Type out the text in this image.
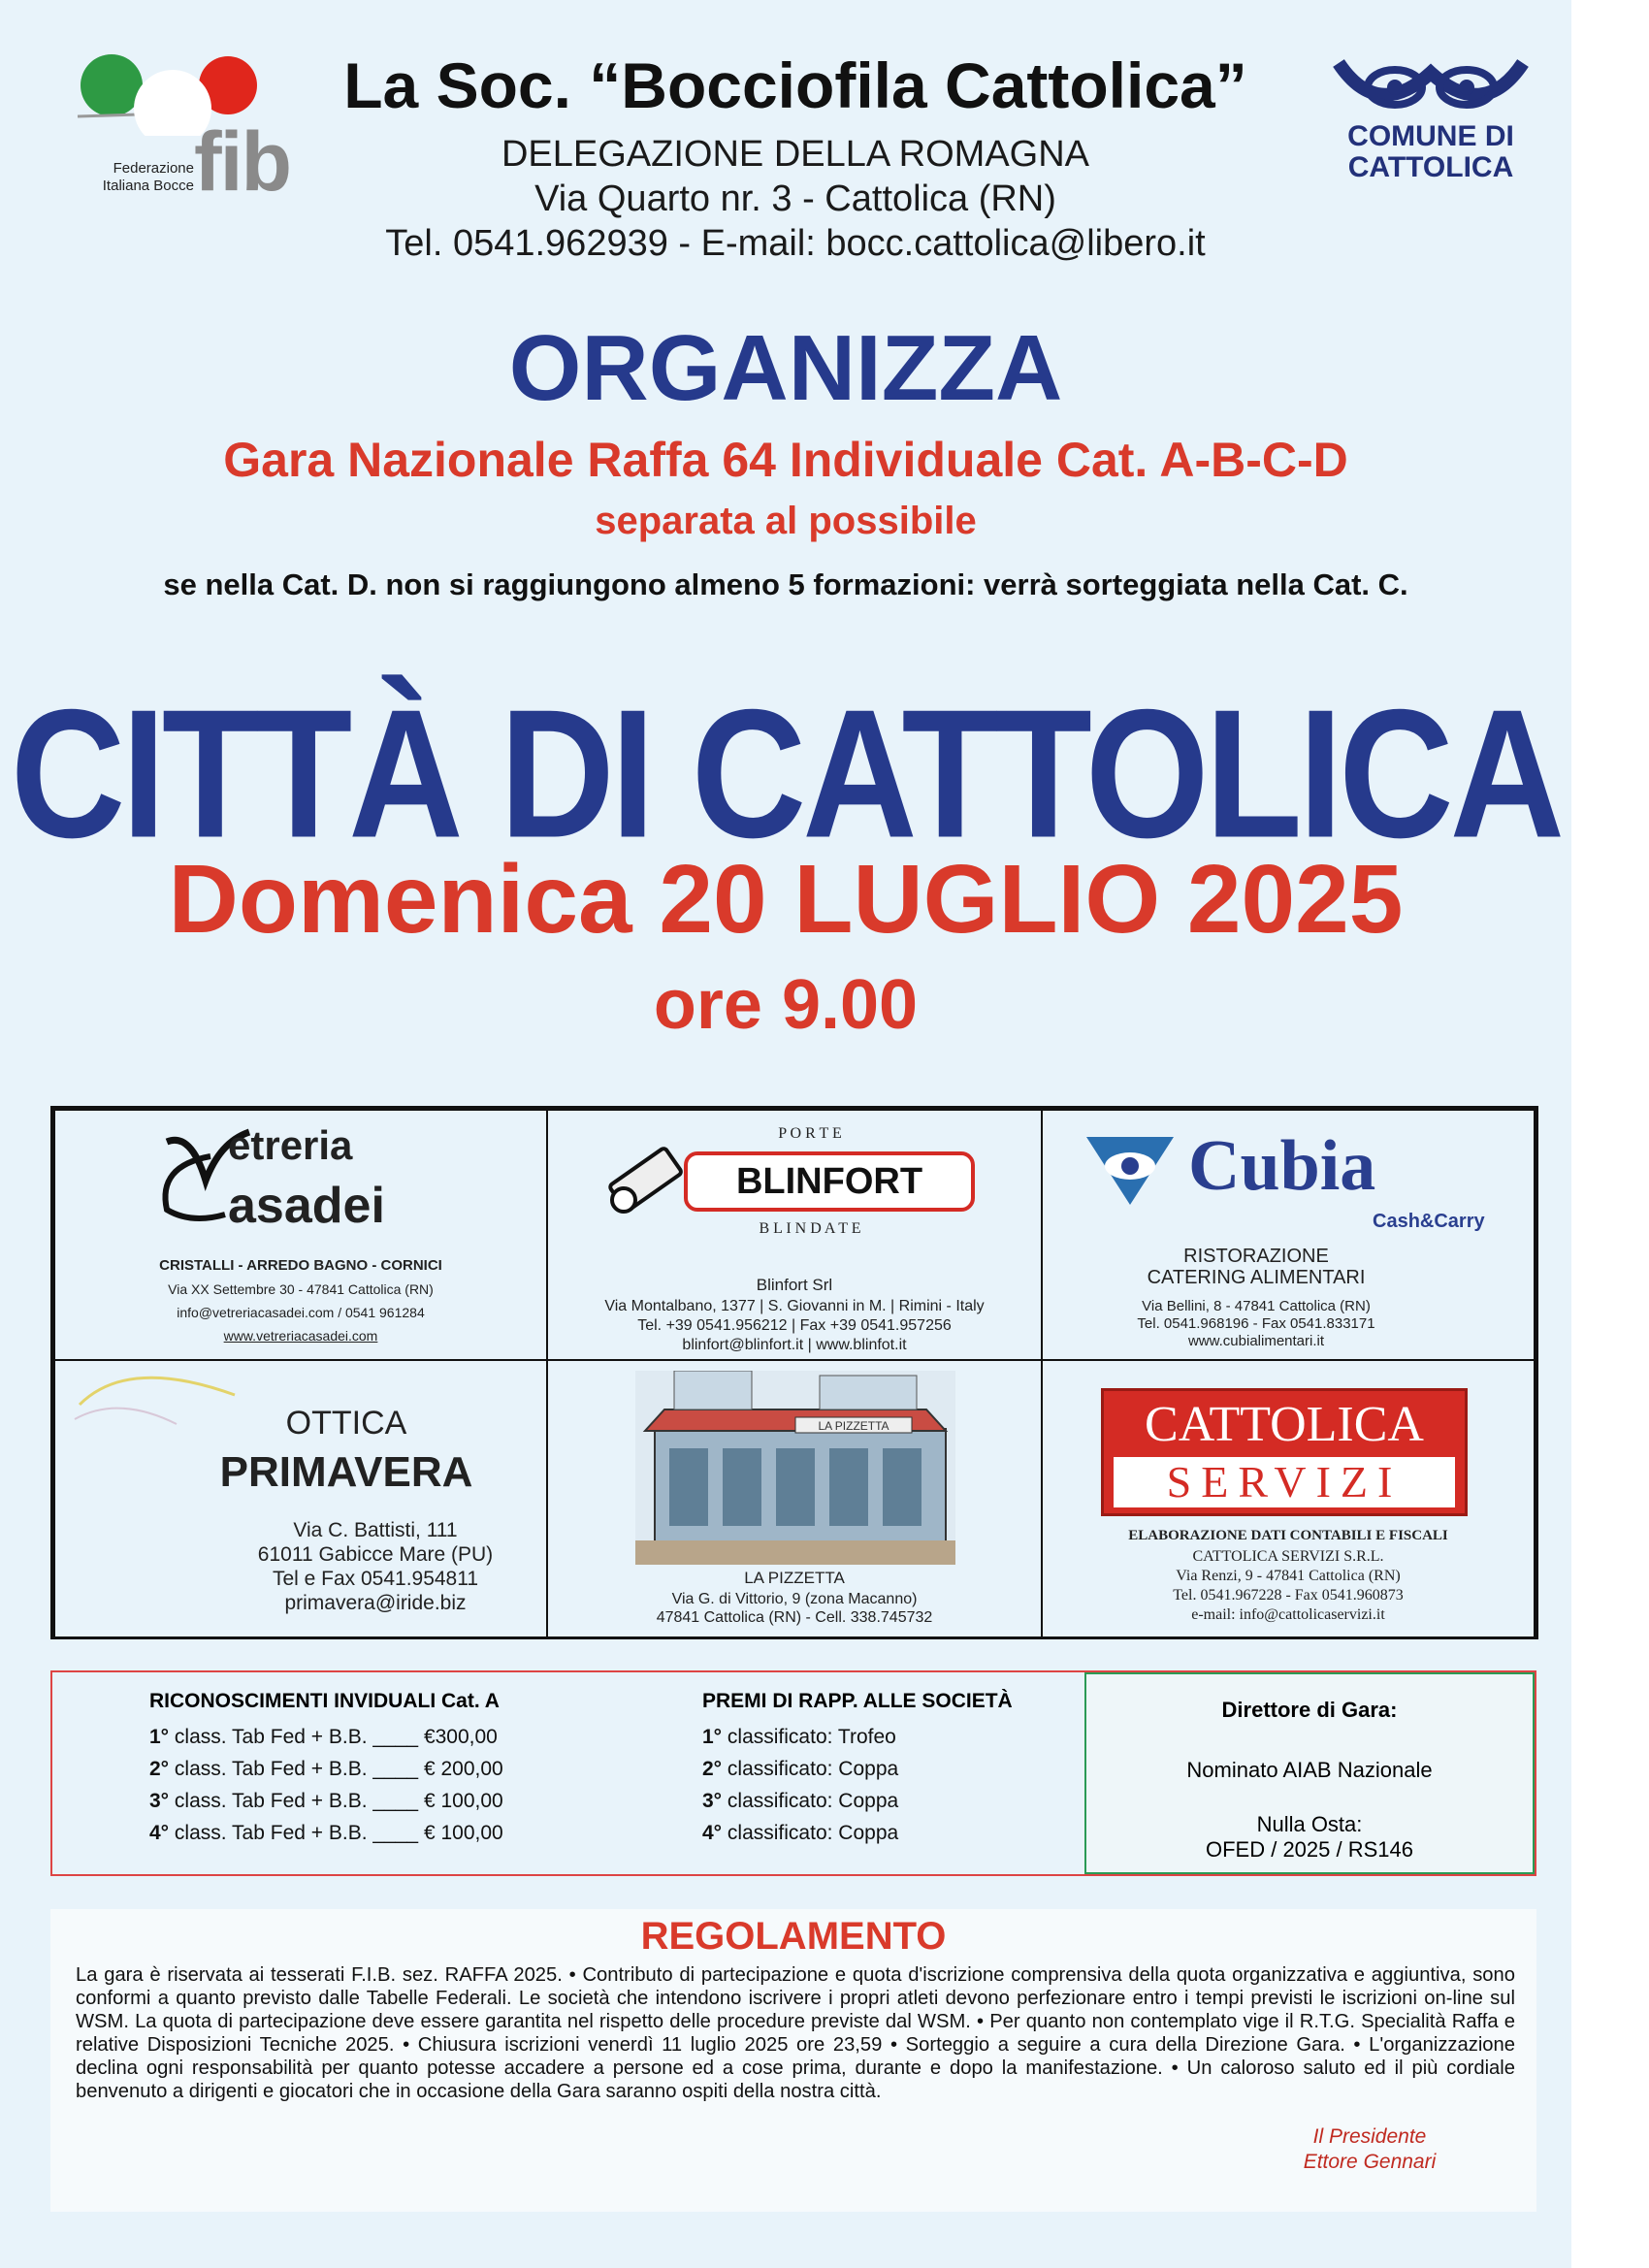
Federazione
Italiana Bocce fib
La Soc. “Bocciofila Cattolica”
DELEGAZIONE DELLA ROMAGNA
Via Quarto nr. 3 - Cattolica (RN)
Tel. 0541.962939 - E-mail: bocc.cattolica@libero.it
COMUNE DI
CATTOLICA
ORGANIZZA
Gara Nazionale Raffa 64 Individuale Cat. A-B-C-D
separata al possibile
se nella Cat. D. non si raggiungono almeno 5 formazioni: verrà sorteggiata nella Cat. C.
CITTÀ DI CATTOLICA
Domenica 20 LUGLIO 2025
ore 9.00
etreria
asadei
CRISTALLI - ARREDO BAGNO - CORNICI
Via XX Settembre 30 - 47841 Cattolica (RN)
info@vetreriacasadei.com / 0541 961284
www.vetreriacasadei.com
P O R T E
BLINFORT
B L I N D A T E
Blinfort Srl
Via Montalbano, 1377 | S. Giovanni in M. | Rimini - Italy
Tel. +39 0541.956212 | Fax +39 0541.957256
blinfort@blinfort.it | www.blinfot.it
Cubia
Cash&Carry
RISTORAZIONE
CATERING ALIMENTARI
Via Bellini, 8 - 47841 Cattolica (RN)
Tel. 0541.968196 - Fax 0541.833171
www.cubialimentari.it
OTTICA
PRIMAVERA
Via C. Battisti, 111
61011 Gabicce Mare (PU)
Tel e Fax 0541.954811
primavera@iride.biz
LA PIZZETTA
LA PIZZETTA
Via G. di Vittorio, 9 (zona Macanno)
47841 Cattolica (RN) - Cell. 338.745732
CATTOLICA
SERVIZI
ELABORAZIONE DATI CONTABILI E FISCALI
CATTOLICA SERVIZI S.R.L.
Via Renzi, 9 - 47841 Cattolica (RN)
Tel. 0541.967228 - Fax 0541.960873
e-mail: info@cattolicaservizi.it
RICONOSCIMENTI INVIDUALI Cat. A
1° class. Tab Fed + B.B. ____ €300,00
2° class. Tab Fed + B.B. ____ € 200,00
3° class. Tab Fed + B.B. ____ € 100,00
4° class. Tab Fed + B.B. ____ € 100,00
PREMI DI RAPP. ALLE SOCIETÀ
1° classificato: Trofeo
2° classificato: Coppa
3° classificato: Coppa
4° classificato: Coppa
Direttore di Gara:
Nominato AIAB Nazionale
Nulla Osta:
OFED / 2025 / RS146
REGOLAMENTO
La gara è riservata ai tesserati F.I.B. sez. RAFFA 2025. • Contributo di partecipazione e quota d'iscrizione comprensiva della quota organizzativa e aggiuntiva, sono conformi a quanto previsto dalle Tabelle Federali. Le società che intendono iscrivere i propri atleti devono perfezionare entro i tempi previsti le iscrizioni on-line sul WSM. La quota di partecipazione deve essere garantita nel rispetto delle procedure previste dal WSM. • Per quanto non contemplato vige il R.T.G. Specialità Raffa e relative Disposizioni Tecniche 2025. • Chiusura iscrizioni venerdì 11 luglio 2025 ore 23,59 • Sorteggio a seguire a cura della Direzione Gara. • L'organizzazione declina ogni responsabilità per quanto potesse accadere a persone ed a cose prima, durante e dopo la manifestazione. • Un caloroso saluto ed il più cordiale benvenuto a dirigenti e giocatori che in occasione della Gara saranno ospiti della nostra città.
Il Presidente
Ettore Gennari
